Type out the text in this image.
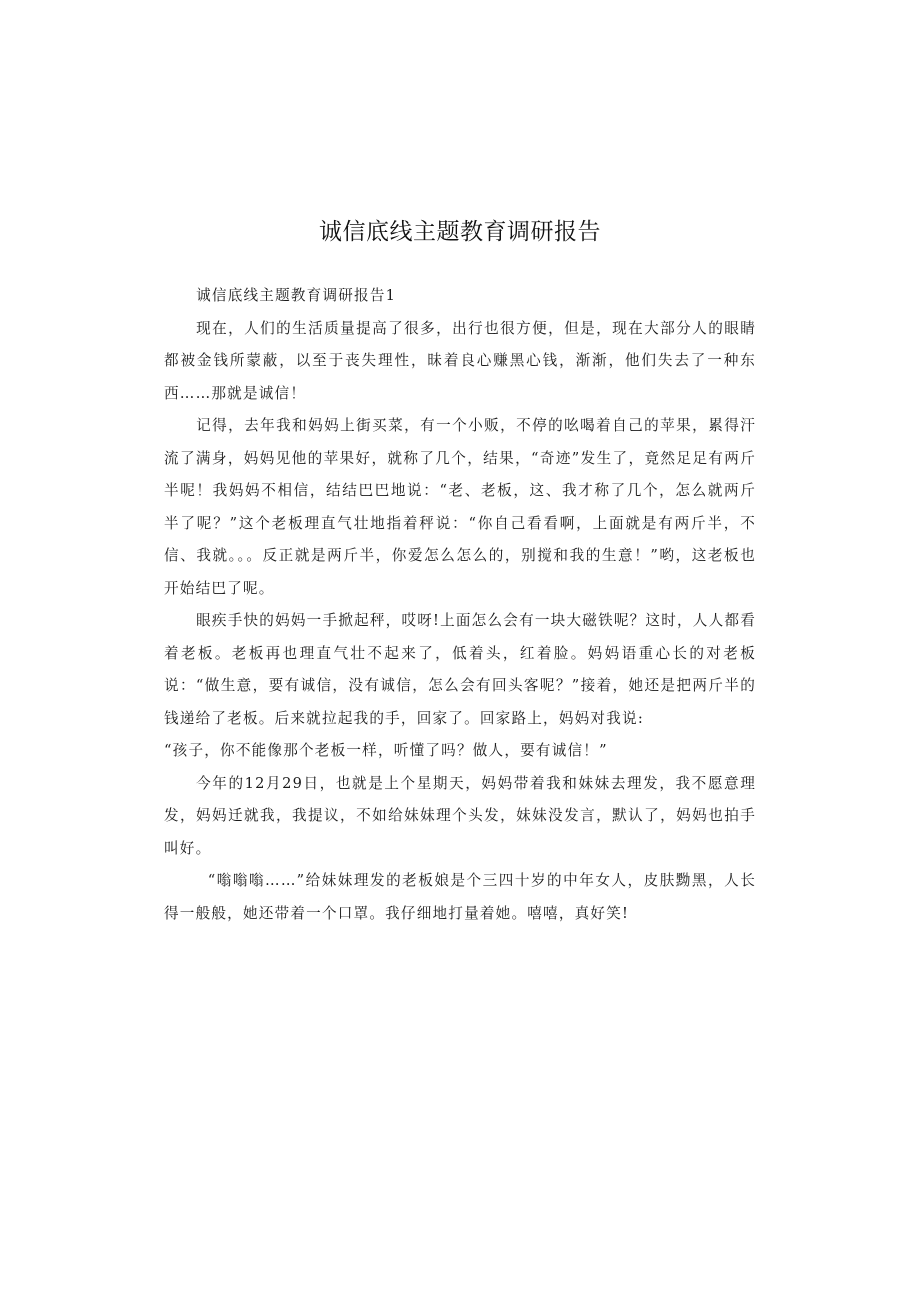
诚信底线主题教育调研报告

诚信底线主题教育调研报告1

现在，人们的生活质量提高了很多，出行也很方便，但是，现在大部分人的眼睛都被金钱所蒙蔽，以至于丧失理性，昧着良心赚黑心钱，渐渐，他们失去了一种东西……那就是诚信！

记得，去年我和妈妈上街买菜，有一个小贩，不停的吆喝着自己的苹果，累得汗流了满身，妈妈见他的苹果好，就称了几个，结果，“奇迹”发生了，竟然足足有两斤半呢！我妈妈不相信，结结巴巴地说：“老、老板，这、我才称了几个，怎么就两斤半了呢？”这个老板理直气壮地指着秤说：“你自己看看啊，上面就是有两斤半，不信、我就。。。反正就是两斤半，你爱怎么怎么的，别搅和我的生意！”哟，这老板也开始结巴了呢。

眼疾手快的妈妈一手掀起秤，哎呀!上面怎么会有一块大磁铁呢？这时，人人都看着老板。老板再也理直气壮不起来了，低着头，红着脸。妈妈语重心长的对老板说：“做生意，要有诚信，没有诚信，怎么会有回头客呢？”接着，她还是把两斤半的钱递给了老板。后来就拉起我的手，回家了。回家路上，妈妈对我说:

“孩子，你不能像那个老板一样，听懂了吗？做人，要有诚信！”

今年的12月29日，也就是上个星期天，妈妈带着我和妹妹去理发，我不愿意理发，妈妈迁就我，我提议，不如给妹妹理个头发，妹妹没发言，默认了，妈妈也拍手叫好。

“嗡嗡嗡……”给妹妹理发的老板娘是个三四十岁的中年女人，皮肤黝黑，人长得一般般，她还带着一个口罩。我仔细地打量着她。嘻嘻，真好笑!
